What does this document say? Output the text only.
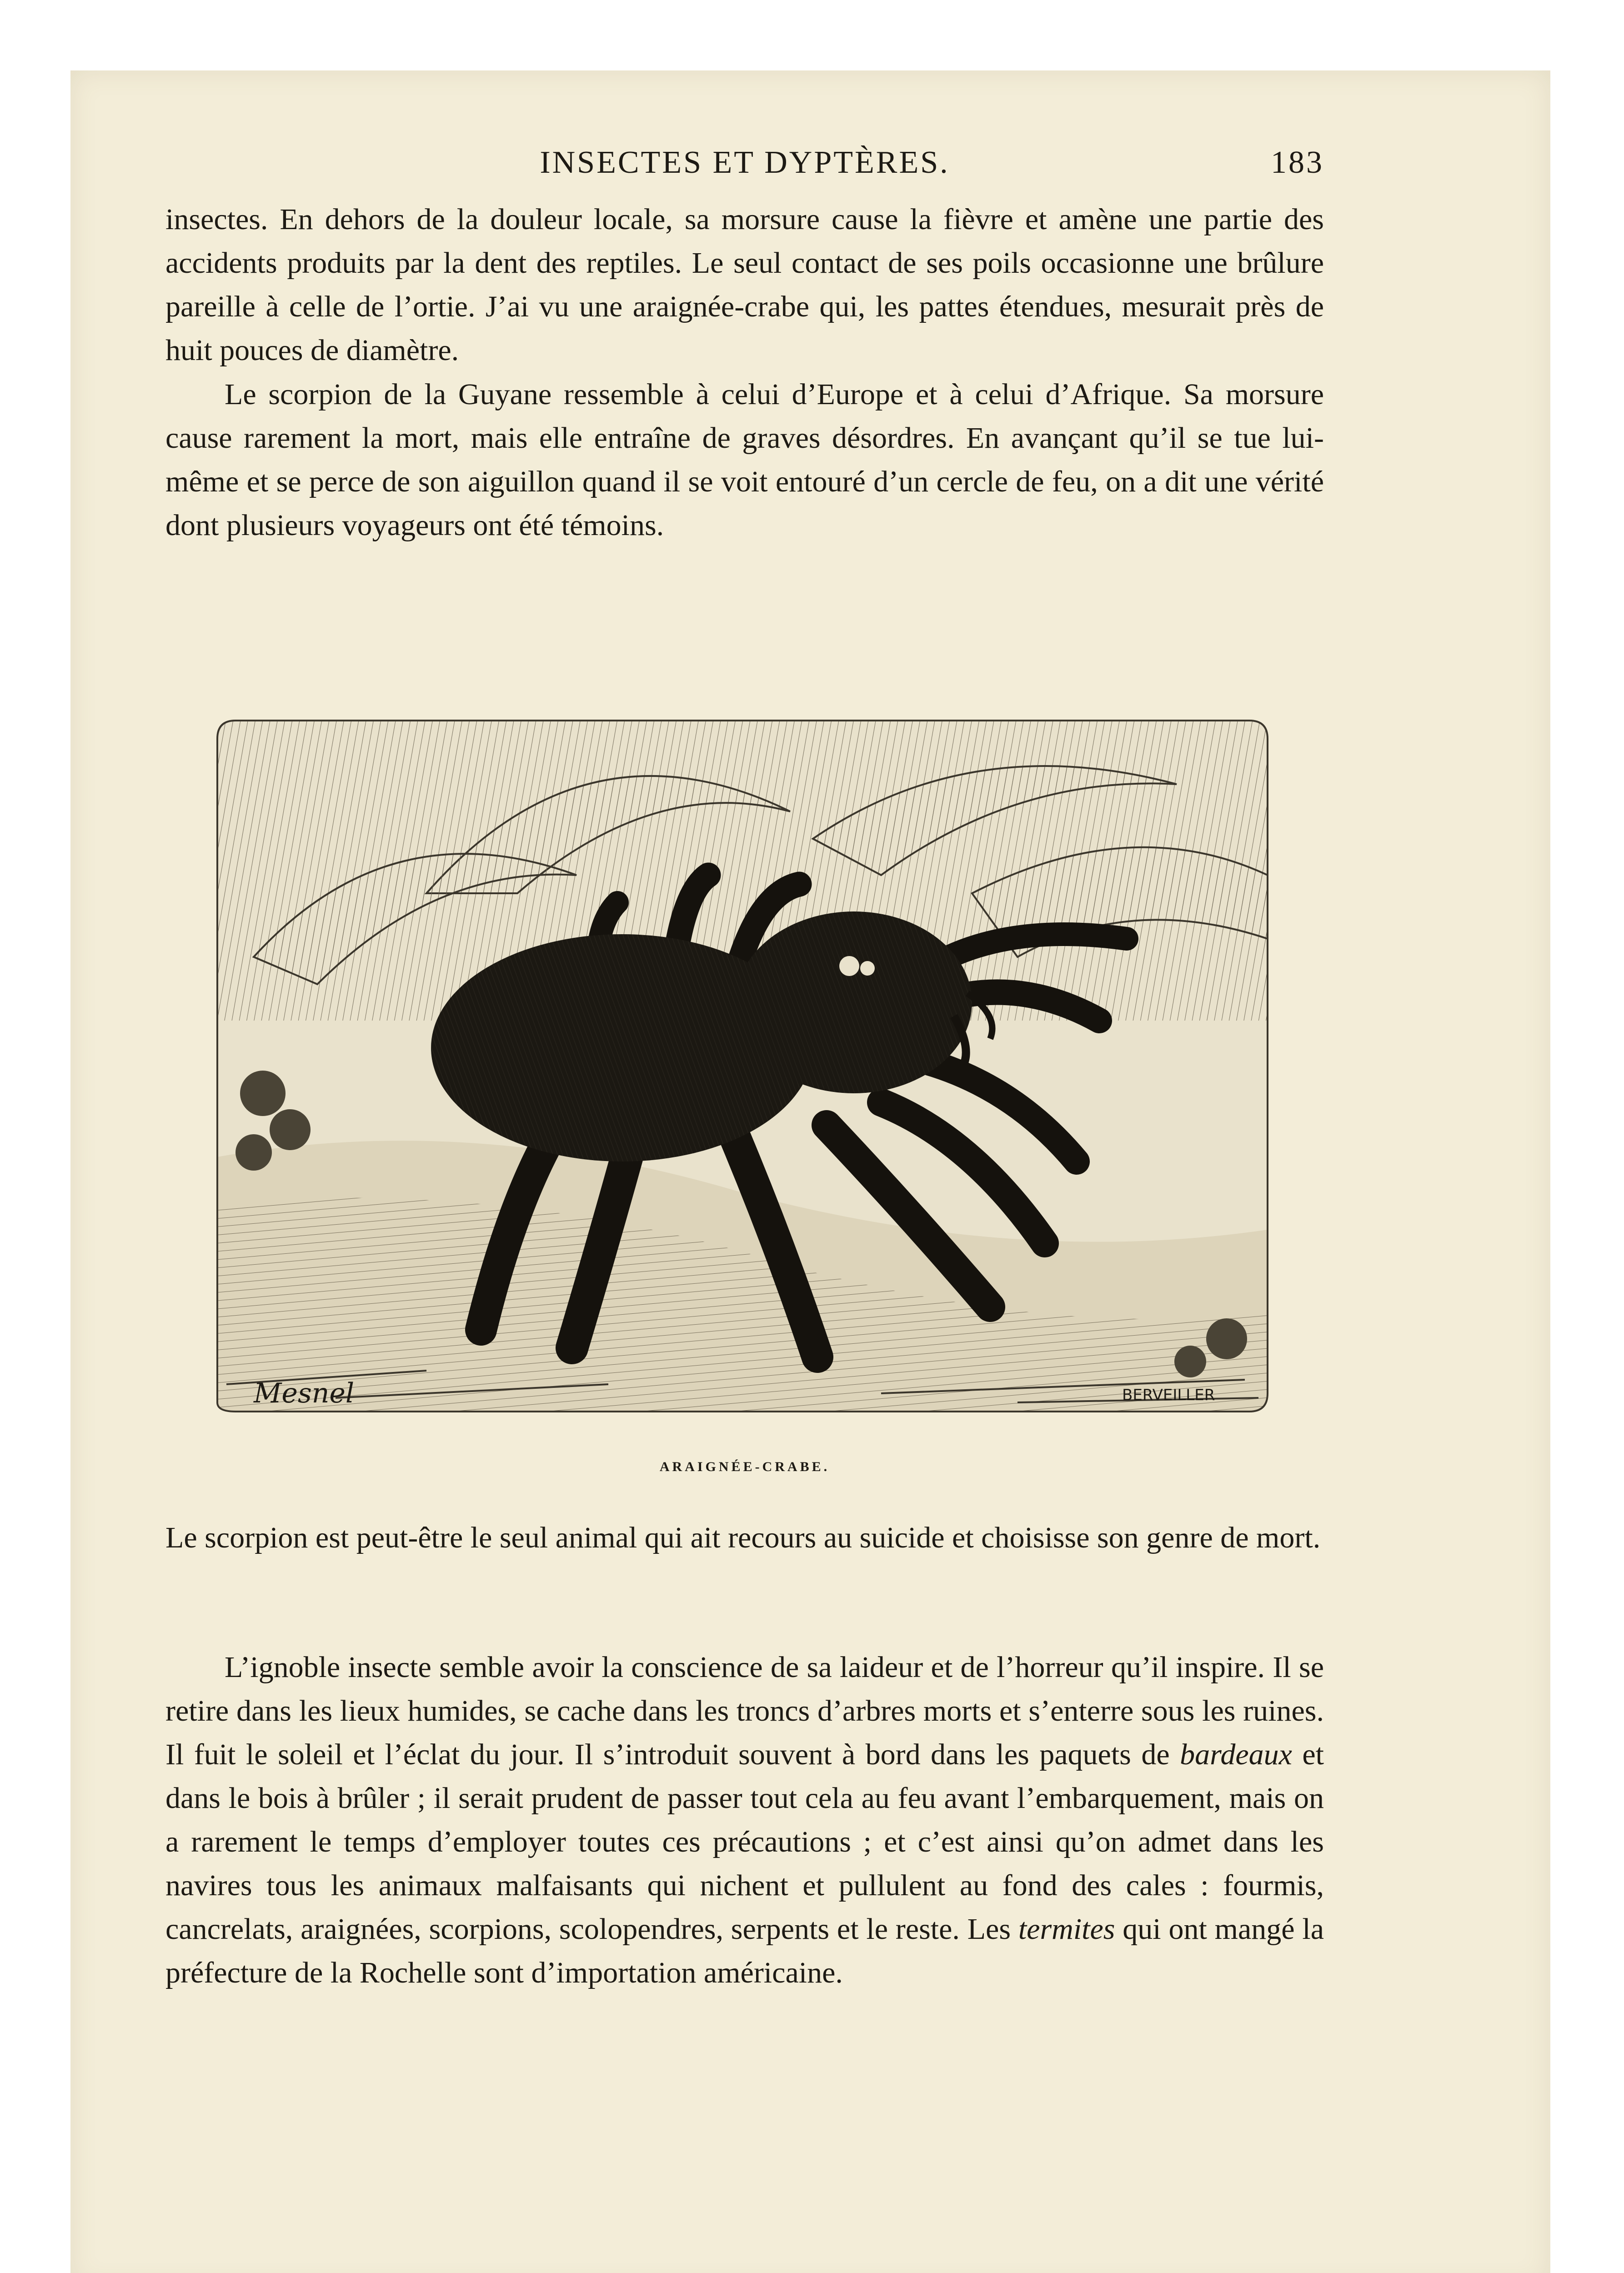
INSECTES ET DYPTÈRES.	183

insectes. En dehors de la douleur locale, sa morsure cause la fièvre et amène une partie des accidents produits par la dent des reptiles. Le seul contact de ses poils occasionne une brûlure pareille à celle de l’ortie. J’ai vu une araignée-crabe qui, les pattes étendues, mesurait près de huit pouces de diamètre.

Le scorpion de la Guyane ressemble à celui d’Europe et à celui d’Afrique. Sa morsure cause rarement la mort, mais elle entraîne de graves désordres. En avançant qu’il se tue lui-même et se perce de son aiguillon quand il se voit entouré d’un cercle de feu, on a dit une vérité dont plusieurs voyageurs ont été témoins.

Mesnel	BERVEILLER
ARAIGNÉE-CRABE.

Le scorpion est peut-être le seul animal qui ait recours au suicide et choisisse son genre de mort.

L’ignoble insecte semble avoir la conscience de sa laideur et de l’horreur qu’il inspire. Il se retire dans les lieux humides, se cache dans les troncs d’arbres morts et s’enterre sous les ruines. Il fuit le soleil et l’éclat du jour. Il s’introduit souvent à bord dans les paquets de bardeaux et dans le bois à brûler ; il serait prudent de passer tout cela au feu avant l’embarquement, mais on a rarement le temps d’employer toutes ces précautions ; et c’est ainsi qu’on admet dans les navires tous les animaux malfaisants qui nichent et pullulent au fond des cales : fourmis, cancrelats, araignées, scorpions, scolopendres, serpents et le reste. Les termites qui ont mangé la préfecture de la Rochelle sont d’importation américaine.
